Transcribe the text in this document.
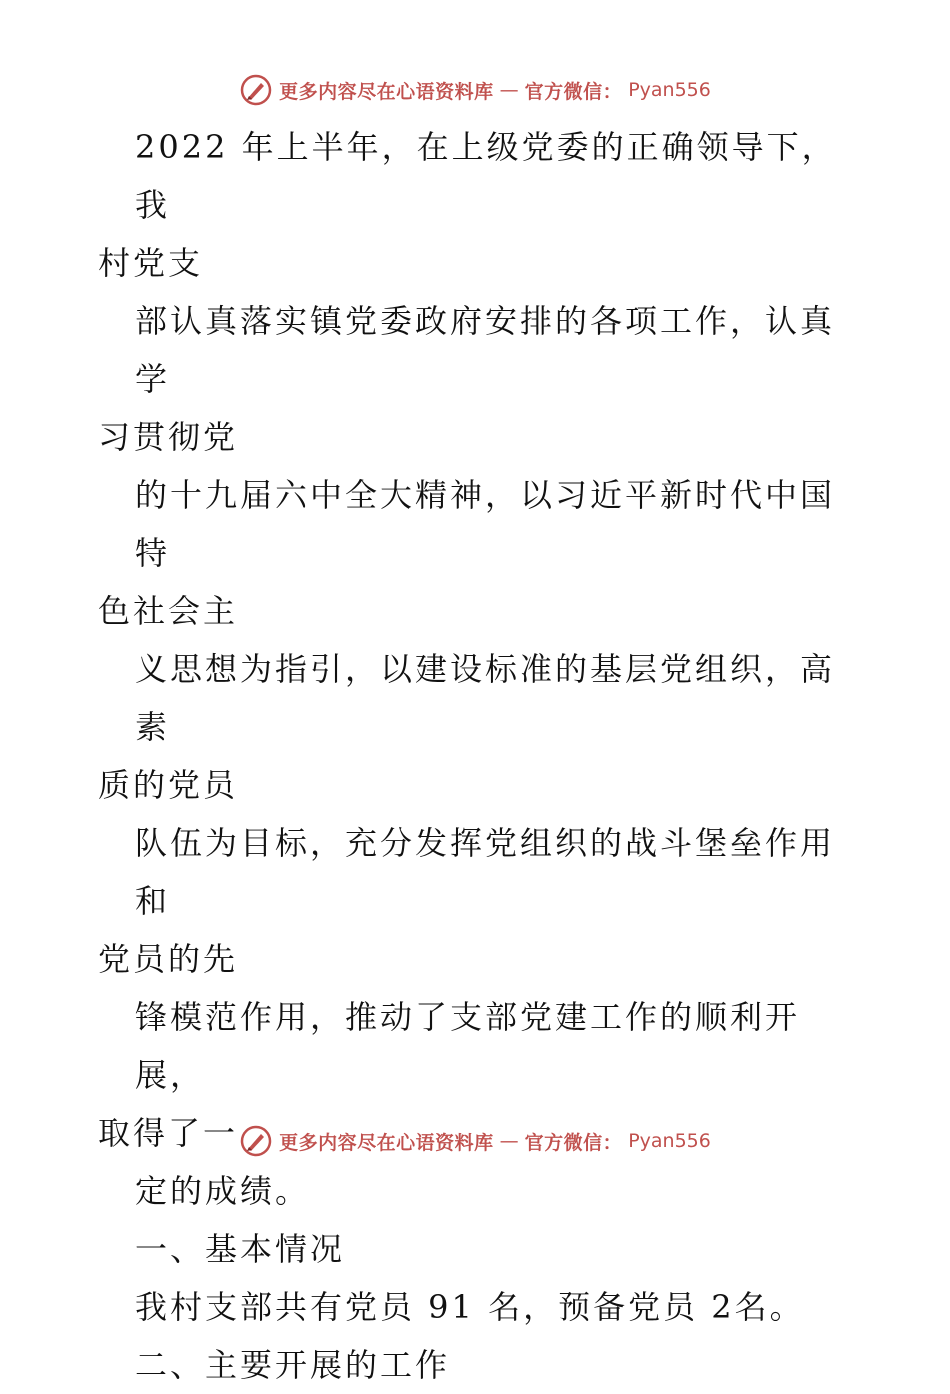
更多内容尽在心语资料库 — 官方微信： Pyan556

2022 年上半年，在上级党委的正确领导下，我
村党支

部认真落实镇党委政府安排的各项工作，认真学
习贯彻党

的十九届六中全大精神，以习近平新时代中国特
色社会主

义思想为指引，以建设标准的基层党组织，高素
质的党员

队伍为目标，充分发挥党组织的战斗堡垒作用和
党员的先

锋模范作用，推动了支部党建工作的顺利开展，
取得了一

定的成绩。

一、基本情况

我村支部共有党员 91 名，预备党员 2名。

二、主要开展的工作

更多内容尽在心语资料库 — 官方微信： Pyan556
